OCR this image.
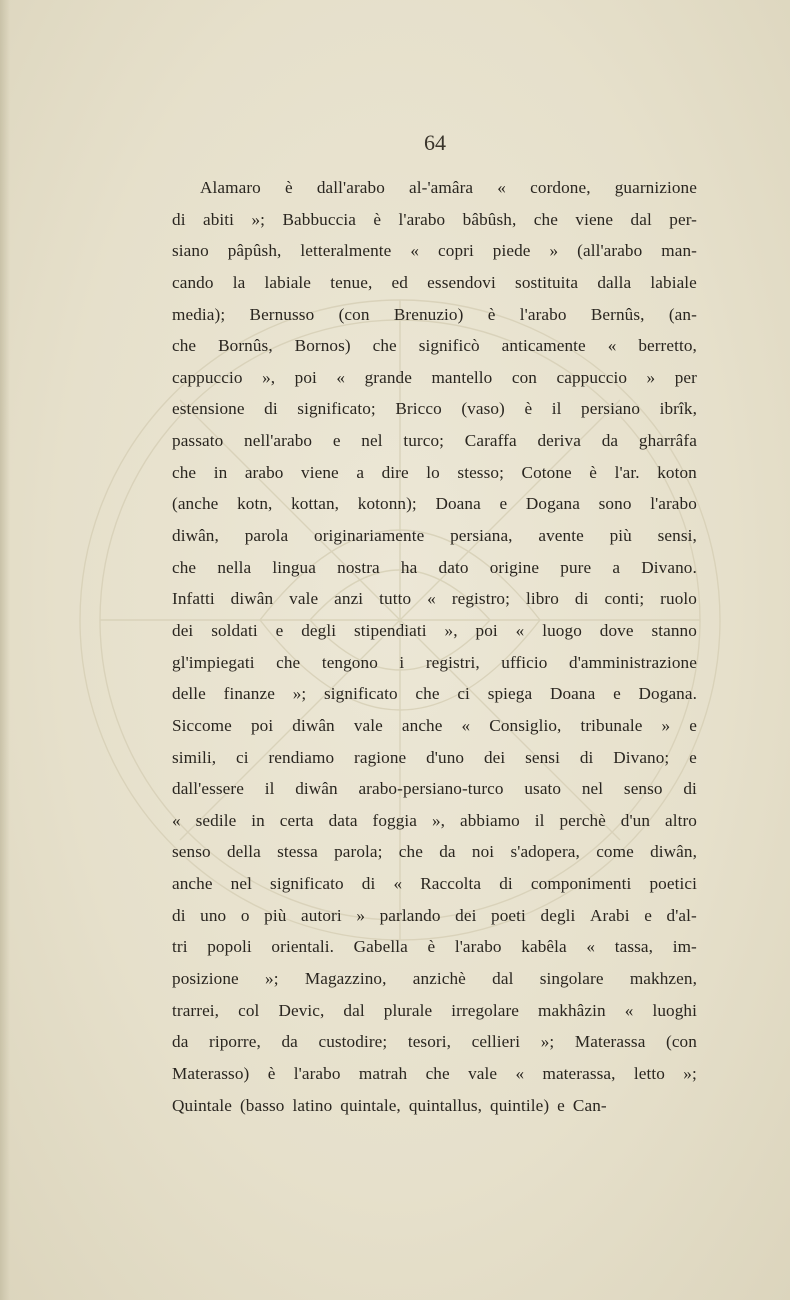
64
Alamaro è dall'arabo al-'amâra « cordone, guarnizione
di abiti »; Babbuccia è l'arabo bâbûsh, che viene dal per-
siano pâpûsh, letteralmente « copri piede » (all'arabo man-
cando la labiale tenue, ed essendovi sostituita dalla labiale
media); Bernusso (con Brenuzio) è l'arabo Bernûs, (an-
che Bornûs, Bornos) che significò anticamente « berretto,
cappuccio », poi « grande mantello con cappuccio » per
estensione di significato; Bricco (vaso) è il persiano ibrîk,
passato nell'arabo e nel turco; Caraffa deriva da gharrâfa
che in arabo viene a dire lo stesso; Cotone è l'ar. koton
(anche kotn, kottan, kotonn); Doana e Dogana sono l'arabo
diwân, parola originariamente persiana, avente più sensi,
che nella lingua nostra ha dato origine pure a Divano.
Infatti diwân vale anzi tutto « registro; libro di conti; ruolo
dei soldati e degli stipendiati », poi « luogo dove stanno
gl'impiegati che tengono i registri, ufficio d'amministrazione
delle finanze »; significato che ci spiega Doana e Dogana.
Siccome poi diwân vale anche « Consiglio, tribunale » e
simili, ci rendiamo ragione d'uno dei sensi di Divano; e
dall'essere il diwân arabo-persiano-turco usato nel senso di
« sedile in certa data foggia », abbiamo il perchè d'un altro
senso della stessa parola; che da noi s'adopera, come diwân,
anche nel significato di « Raccolta di componimenti poetici
di uno o più autori » parlando dei poeti degli Arabi e d'al-
tri popoli orientali. Gabella è l'arabo kabêla « tassa, im-
posizione »; Magazzino, anzichè dal singolare makhzen,
trarrei, col Devic, dal plurale irregolare makhâzin « luoghi
da riporre, da custodire; tesori, cellieri »; Materassa (con
Materasso) è l'arabo matrah che vale « materassa, letto »;
Quintale (basso latino quintale, quintallus, quintile) e Can-
